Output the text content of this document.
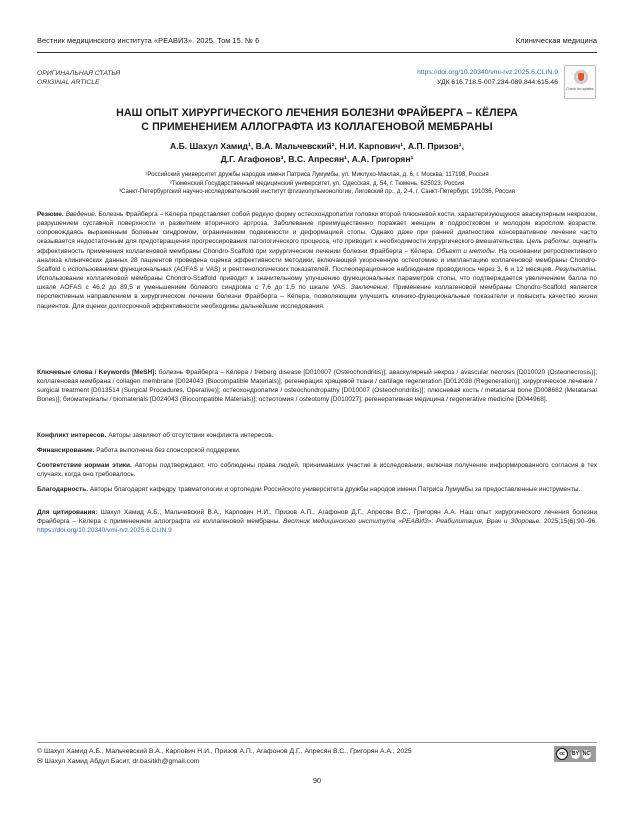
Вестник медицинского института «РЕАВИЗ». 2025. Том 15. № 6	Клиническая медицина
ОРИГИНАЛЬНАЯ СТАТЬЯ
ORIGINAL ARTICLE
https://doi.org/10.20340/vmi-rvz.2025.6.CLIN.9
УДК 616.718.5-007.234-089.844:615.46
Check for updates
НАШ ОПЫТ ХИРУРГИЧЕСКОГО ЛЕЧЕНИЯ БОЛЕЗНИ ФРАЙБЕРГА – КЁЛЕРА
С ПРИМЕНЕНИЕМ АЛЛОГРАФТА ИЗ КОЛЛАГЕНОВОЙ МЕМБРАНЫ
А.Б. Шахул Хамид¹, В.А. Мальчевский², Н.И. Карпович¹, А.П. Призов¹,
Д.Г. Агафонов³, В.С. Апресян¹, А.А. Григорян¹
¹Российский университет дружбы народов имени Патриса Лумумбы, ул. Миклухо-Маклая, д. 6, г. Москва, 117198, Россия
²Тюменский Государственный медицинский университет, ул. Одесская, д. 54, г. Тюмень, 625023, Россия
³Санкт-Петербургский научно-исследовательский институт фтизиопульмонологии, Лиговский пр., д. 2-4, г. Санкт-Петербург, 191036, Россия
Резюме. Введение. Болезнь Фрайберга – Кёлера представляет собой редкую форму остеохондропатии головки второй плюсневой кости, характеризующуюся аваскулярным некрозом, разрушением суставной поверхности и развитием вторичного артроза. Заболевание преимущественно поражает женщин в подростковом и молодом взрослом возрасте, сопровождаясь выраженным болевым синдромом, ограничением подвижности и деформацией стопы. Однако даже при ранней диагностике консервативное лечение часто оказывается недостаточным для предотвращения прогрессирования патологического процесса, что приводит к необходимости хирургического вмешательства. Цель работы: оценить эффективность применения коллагеновой мембраны Chondro-Scaffold при хирургическом лечении болезни Фрайберга – Кёлера. Объект и методы. На основании ретроспективного анализа клинических данных 28 пациентов проведена оценка эффективности методики, включающей укороченную остеотомию и имплантацию коллагеновой мембраны Chondro-Scaffold с использованием функциональных (AOFAS и VAS) и рентгенологических показателей. Послеоперационное наблюдение проводилось через 3, 6 и 12 месяцев. Результаты. Использование коллагеновой мембраны Chondro-Scaffold приводит к значительному улучшению функциональных параметров стопы, что подтверждается увеличением балла по шкале AOFAS с 46,2 до 89,5 и уменьшением болевого синдрома с 7,6 до 1,5 по шкале VAS. Заключение. Применение коллагеновой мембраны Chondro-Scaffold является перспективным направлением в хирургическом лечении болезни Фрайберга – Кёлера, позволяющим улучшить клинико-функциональные показатели и повысить качество жизни пациентов. Для оценки долгосрочной эффективности необходимы дальнейшие исследования.
Ключевые слова / Keywords [MeSH]: болезнь Фрайберга – Кёлера / freiberg disease [D010007 (Osteochondritis)]; аваскулярный некроз / avascular necrosis [D010020 (Osteonecrosis)]; коллагеновая мембрана / collagen membrane [D024043 (Biocompatible Materials)]; регенерация хрящевой ткани / cartilage regeneration [D012038 (Regeneration)]; хирургическое лечение / surgical treatment [D013514 (Surgical Procedures, Operative)]; остеохондропатия / osteochondropathy [D010007 (Osteochondritis)]; плюсневая кость / metatarsal bone [D008682 (Metatarsal Bones)]; биоматериалы / biomaterials [D024043 (Biocompatible Materials)]; остеотомия / osteotomy [D010027]; регенеративная медицина / regenerative medicine [D044968].
Конфликт интересов. Авторы заявляют об отсутствии конфликта интересов.
Финансирование. Работа выполнена без спонсорской поддержки.
Соответствие нормам этики. Авторы подтверждают, что соблюдены права людей, принимавших участие в исследовании, включая получение информированного согласия в тех случаях, когда оно требовалось.
Благодарность. Авторы благодарят кафедру травматологии и ортопедии Российского университета дружбы народов имени Патриса Лумумбы за предоставленные инструменты.
Для цитирования: Шахул Хамид А.Б., Мальчевский В.А., Карпович Н.И., Призов А.П., Агафонов Д.Г., Апресян В.С., Григорян А.А. Наш опыт хирургического лечения болезни Фрайберга – Кёлера с применением аллографта из коллагеновой мембраны. Вестник медицинского института «РЕАВИЗ»: Реабилитация, Врач и Здоровье. 2025;15(6):90–96. https://doi.org/10.20340/vmi-rvz.2025.6.CLIN.9
© Шахул Хамид А.Б., Мальчевский В.А., Карпович Н.И., Призов А.П., Агафонов Д.Г., Апресян В.С., Григорян А.А., 2025
✉ Шахул Хамид Абдул Басит, dr.basitkh@gmail.com
cc	BY NC
90
